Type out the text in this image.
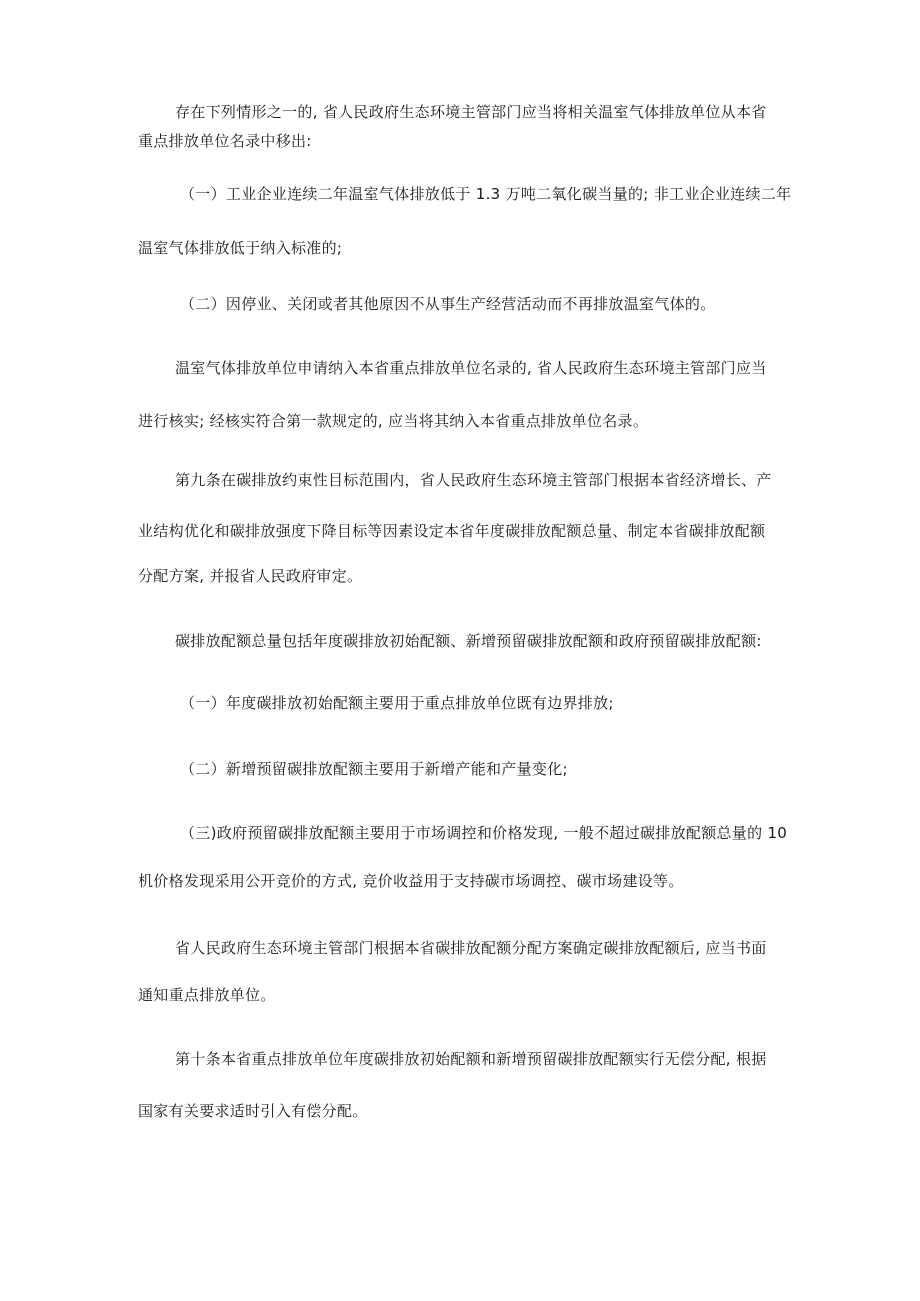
存在下列情形之一的, 省人民政府生态环境主管部门应当将相关温室气体排放单位从本省
重点排放单位名录中移出:
（一）工业企业连续二年温室气体排放低于 1.3 万吨二氧化碳当量的; 非工业企业连续二年
温室气体排放低于纳入标准的;
（二）因停业、关闭或者其他原因不从事生产经营活动而不再排放温室气体的。
温室气体排放单位申请纳入本省重点排放单位名录的, 省人民政府生态环境主管部门应当
进行核实; 经核实符合第一款规定的, 应当将其纳入本省重点排放单位名录。
第九条在碳排放约束性目标范围内，省人民政府生态环境主管部门根据本省经济增长、产
业结构优化和碳排放强度下降目标等因素设定本省年度碳排放配额总量、制定本省碳排放配额
分配方案, 并报省人民政府审定。
碳排放配额总量包括年度碳排放初始配额、新增预留碳排放配额和政府预留碳排放配额:
（一）年度碳排放初始配额主要用于重点排放单位既有边界排放;
（二）新增预留碳排放配额主要用于新增产能和产量变化;
（三)政府预留碳排放配额主要用于市场调控和价格发现, 一般不超过碳排放配额总量的 10
机价格发现采用公开竞价的方式, 竞价收益用于支持碳市场调控、碳市场建设等。
省人民政府生态环境主管部门根据本省碳排放配额分配方案确定碳排放配额后, 应当书面
通知重点排放单位。
第十条本省重点排放单位年度碳排放初始配额和新增预留碳排放配额实行无偿分配, 根据
国家有关要求适时引入有偿分配。
